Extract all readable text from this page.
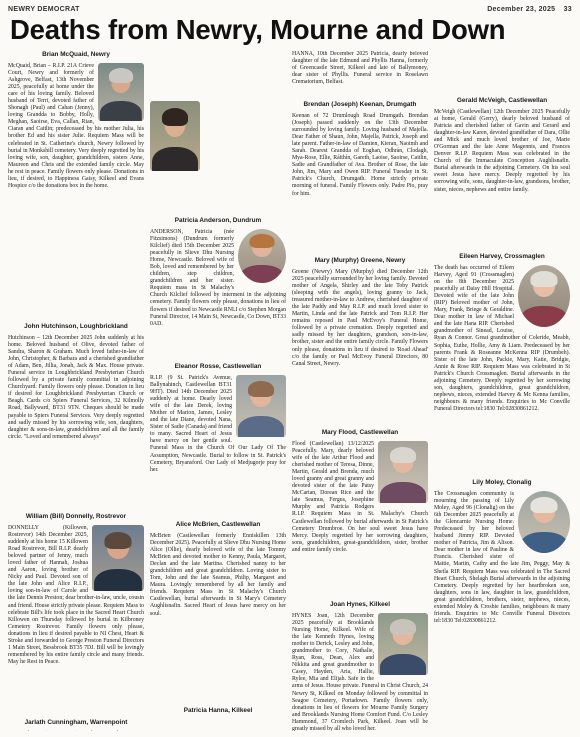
NEWRY DEMOCRAT	December 23, 2025 33
Deaths from Newry, Mourne and Down
Brian McQuaid, Newry

McQuaid, Brian – R.I.P. 21A Crieve Court, Newry and formerly of Ashgrove, Belfast, 13th November 2025, peacefully at home under the care of his loving family. Beloved husband of Terri, devoted father of Shonagh (Paul) and Cahan (Jenny), loving Grandda to Bobby, Holly, Meghan, Saoirse, Eva, Callan, Rian, Ciaran and Caitlin; predeceased by his mother Julia, his brother Ed and his sister Julie. Requiem Mass will be celebrated in St. Catherine's church, Newry followed by burial in Monkshill cemetery. Very deeply regretted by his loving wife, son, daughter, grandchildren, sisters Anne, Maureen and Chris and the extended family circle. May he rest in peace. Family flowers only please. Donations in lieu, if desired, to Happiness Gaisy, Kilkeel and Evans Hospice c/o the donations box in the home.

John Hutchinson, Loughbrickland

Hutchinson – 12th December 2025 John suddenly at his home. Beloved husband of Olive, devoted father of Sandra, Sharon & Graham. Much loved father-in-law of John, Christopher, & Barbara and a cherished grandfather of Adam, Ben, Jillia, Jonah, Jack & Max. House private. Funeral service in Loughbrickland Presbyterian Church followed by a private family committal in adjoining Churchyard. Family flowers only please. Donation in lieu if desired for Loughbrickland Presbyterian Church or Beagh. Cards c/o Spiers Funeral Services, 32 Kilmolly Road, Ballyward, BT31 9TN. Cheques should be made payable to Spiers Funeral Services. Very deeply regretted and sadly missed by his sorrowing wife, son, daughters, daughter & sons-in-law, grandchildren and all the family circle. "Loved and remembered always"

William (Bill) Donnelly, Rostrevor

DONNELLY (Killowen, Rostrevor) 14th December 2025, suddenly at his home 15 Killowen Road Rostrevor, Bill R.I.P. dearly beloved partner of Jenny, much loved father of Hannah, Joshua and Aaron, loving brother of Nicky and Paul. Devoted son of the late John and Alice R.I.P., loving son-in-law of Carole and the late Dennis Preston; dear brother-in-law, uncle, cousin and friend. House strictly private please. Requiem Mass to celebrate Bill's life took place in the Sacred Heart Church Killowen on Thursday followed by burial in Kilbroney Cemetery Rostrevor. Family flowers only please, donations in lieu if desired payable to NI Chest, Heart & Stroke and forwarded to George Preston Funeral Directors 1 Main Street, Bessbrook BT35 7DJ. Bill will be lovingly remembered by his entire family circle and many friends. May he Rest in Peace.

Jarlath Cunningham, Warrenpoint

Patricia Anderson, Dundrum

ANDERSON, Patricia (née Fitzsimons) (Dundrum formerly Kilclief) died 15th December 2025 peacefully in Slieve Dhu Nursing Home, Newcastle. Beloved wife of Bob, loved and remembered by her children, step children, grandchildren and her sister. Requiem mass in St Malachy's Church Kilclief followed by interment in the adjoining cemetery. Family flowers only please, donations in lieu of flowers if desired to Newcastle RNLI c/o Stephen Morgan Funeral Director, 14 Main St, Newcastle, Co Down, BT33 0AD.

Eleanor Rosse, Castlewellan

R.I.P. (9 St. Patrick's Avenue, Ballynahinch, Castlewellan BT31 9HT). Died 14th December 2025 suddenly at home. Dearly loved wife of the late Derek, loving Mother of Marion, James, Lesley and the late Diane, devoted Nana, Sister of Sadie (Canada) and friend to many. Sacred Heart of Jesus have mercy on her gentle soul. Funeral Mass in the Church Of Our Lady Of The Assumption, Newcastle. Burial to follow in St. Patrick's Cemetery, Bryansford. Our Lady of Medjugorje pray for her.

Alice McBrien, Castlewellan

McBrien (Castlewellan formerly Enniskillen 13th December 2025). Peacefully at Slieve Dhu Nursing Home Alice (Ollie), dearly beloved wife of the late Tommy McBrien and devoted mother to Kenny, Paula, Margaret, Declan and the late Martina. Cherished nanny to her grandchildren and great grandchildren. Loving sister to Tom, John and the late Seamus, Philip, Margaret and Maura. Lovingly remembered by all her family and friends. Requiem Mass in St Malachy's Church Castlewellan, burial afterwards in St Mary's Cemetery Aughlisnafin. Sacred Heart of Jesus have mercy on her soul.

Patricia Hanna, Kilkeel

HANNA, 10th December 2025 Patricia, dearly beloved daughter of the late Edmund and Phyllis Hanna, formerly of Greencastle Street, Kilkeel and late of Ballymoney, dear sister of Phyllis. Funeral service in Roselawn Crematorium, Belfast.

Brendan (Joseph) Keenan, Drumgath

Keenan of 72 Drumlough Road Drumgath. Brendan (Joseph) passed suddenly on the 13th December surrounded by loving family. Loving husband of Majella. Dear Father of Shaun, John, Majella, Patrick, Joseph and late parent. Father-in-law of Damien, Kieran, Naoimh and Sarah. Dearest Grandda of Eoghan, Odhrán, Clodagh, Mya-Rose, Ellie, Ráithín, Gareth, Laoise, Saoirse, Caitlin, Sadie and Grandfather of Ava. Brother of Rose, the late John, Jim, Mary and Owen RIP. Funeral Tuesday in St. Patrick's Church, Drumgath. Home strictly private morning of funeral. Family Flowers only. Padre Pio, pray for him.

Mary (Murphy) Greene, Newry

Greene (Newry) Mary (Murphy) died December 12th 2025 peacefully surrounded by her loving family. Devoted mother of Angela, Shirley and the late Toby Patrick (sleeping with the angels), loving granny to Jack, treasured mother-in-law to Andrew, cherished daughter of the late Paddy and May R.I.P. and much loved sister to Martin, Linda and the late Patrick and Tom R.I.P. Her remains reposed in Paul McEvoy's Funeral Home, followed by a private cremation. Deeply regretted and sadly missed by her daughters, grandson, son-in-law, brother, sister and the entire family circle. Family Flowers only please, donations in lieu if desired to 'Road Ahead' c/o the family or Paul McEvoy Funeral Directors, 80 Canal Street, Newry.

Mary Flood, Castlewellan

Flood (Castlewellan) 13/12/2025 Peacefully. Mary, dearly beloved wife of the late Arthur Flood and cherished mother of Teresa, Dinne, Martin, Gerald and Brenda, much loved granny and great granny and devoted sister of the late Patsy McCartan, Dorean Rice and the late Seamus, Fergus, Josephine Murphy and Patricia Rodgers R.I.P. Requiem Mass in St. Malachy's Church Castlewellan followed by burial afterwards in St Patrick's Cemetery Drumbroe. On her soul sweet Jesus have Mercy. Deeply regretted by her sorrowing daughters, sons, grandchildren, great-grandchildren, sister, brother and entire family circle.

Joan Hynes, Kilkeel

HYNES Joan, 12th December 2025 peacefully at Brooklands Nursing Home, Kilkeel. Wife of the late Kenneth Hynes, loving mother to Derick, Lesley and John, grandmother to Cory, Nathalie, Ryan, Ross, Dean, Alex and Nikkita and great grandmother to Casey, Hayden, Aria, Hallie, Rylee, Mia and Elijah. Safe in the arms of Jesus. House private. Funeral in Christ Church, 24 Newry St, Kilkeel on Monday followed by committal in Seagoe Cemetery, Portadown. Family flowers only, donations in lieu of flowers for Mourne Family Surgery and Brooklands Nursing Home Comfort Fund. C/o Lesley Hammond, 37 Cromlech Park, Kilkeel. Joan will be greatly missed by all who loved her.

Gerald McVeigh, Castlewellan

McVeigh (Castlewellan) 12th December 2025 Peacefully at home, Gerald (Gerry), dearly beloved husband of Patricia and cherished father of Gavin and Gerard and daughter-in-law Karen, devoted grandfather of Dara, Ollie and Mick and much loved brother of Joe, Marie O'Gorman and the late Anne Magennis, and Frances Denver R.I.P. Requiem Mass was celebrated in the Church of the Immaculate Conception Aughlisnafin. Burial afterwards in the adjoining Cemetery. On his soul sweet Jesus have mercy. Deeply regretted by his sorrowing wife, sons, daughter-in-law, grandsons, brother, sister, nieces, nephews and entire family.

Eileen Harvey, Crossmaglen

The death has occurred of Eileen Harvey, Aged 91 (Crossmaglen) on the 8th December 2025 peacefully at Daisy Hill Hospital. Devoted wife of the late John (RIP) Beloved mother of John, Mary, Frank, Briege & Geraldine. Dear mother in law of Michael and the late Hana RIP. Cherished grandmother of Sinead, Louise, Ryan & Connor. Great grandmother of Coleride, Meabh, Sophia, Euthe, Hollie, Amy & Liam. Predeceased by her parents Frank & Roseanne McKenna RIP (Drumbeh). Sister of the late John, Packie, Mary, Katie, Bridgie, Annie & Rose RIP. Requiem Mass was celebrated in St Patrick's Church Crossmaglen. Burial afterwards in the adjoining Cemetery. Deeply regretted by her sorrowing son, daughters, grandchildren, great grandchildren, nephews, nieces, extended Harvey & Mc Kenna families, neighbours & many friends. Enquiries to Mc Conville Funeral Directors tel:1830 Tel:02830861212.

Lily Moley, Clonalig

The Crossmaglen community is mourning the passing of Lily Moley, Aged 96 (Clonalig) on the 6th December 2025 peacefully at the Glencarnie Nursing Home. Predeceased by her beloved husband Jimmy RIP. Devoted mother of Patricia, Jim & Alison. Dear mother in law of Pauline & Francis. Cherished sister of Mattie, Martin, Cathy and the late Jim, Peggy, May & Sheila RIP. Requiem Mass was celebrated in The Sacred Heart Church, Shelagh Burial afterwards in the adjoining Cemetery. Deeply regretted by her heartbroken son, daughters, sons in law, daughter in law, grandchildren, great grandchildren, brothers, sister, nephews, nieces, extended Moley & Crosbie families, neighbours & many friends. Enquiries to Mc Conville Funeral Directors tel:1830 Tel:02830861212.
